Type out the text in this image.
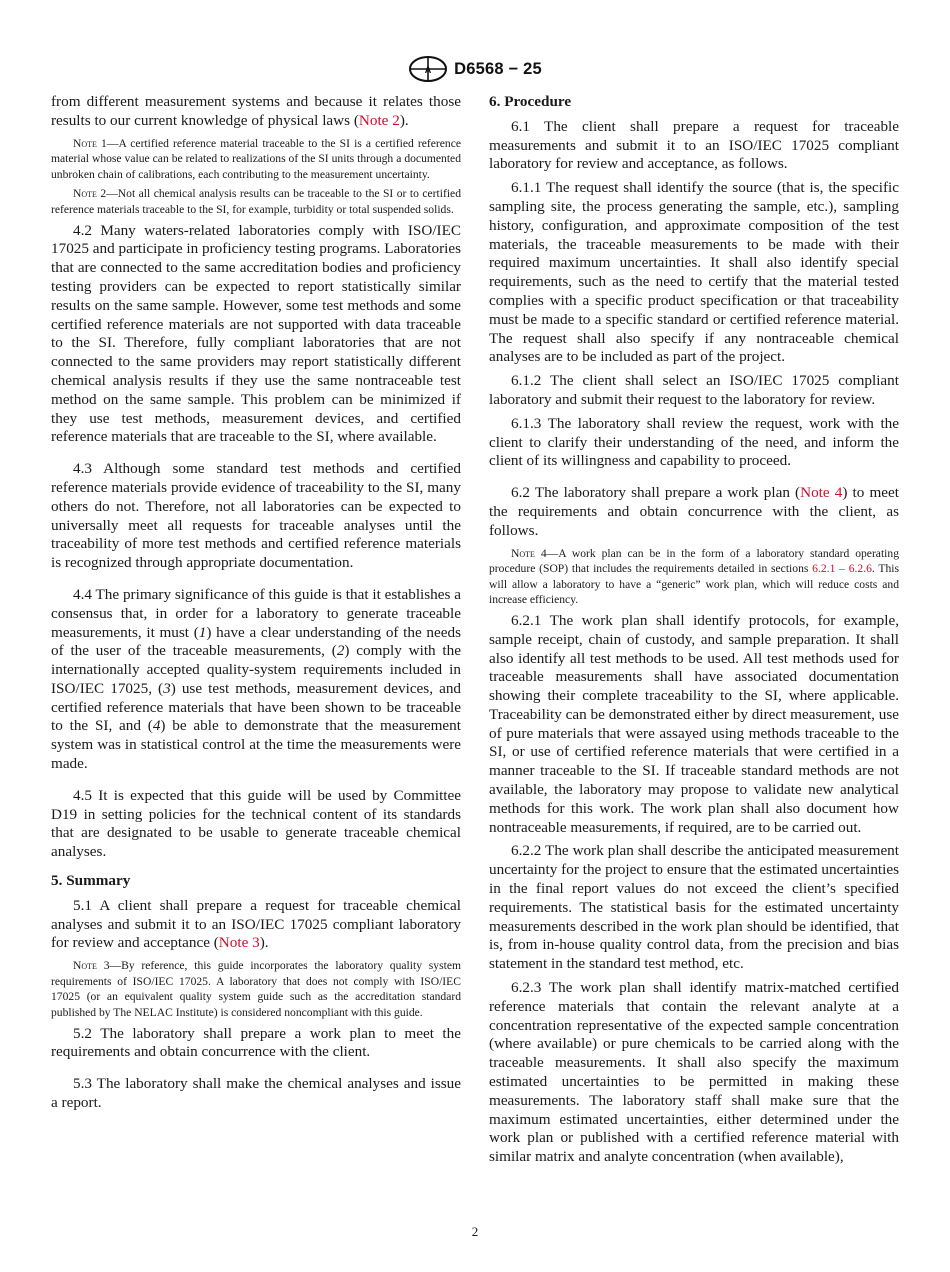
A D6568 − 25

from different measurement systems and because it relates those results to our current knowledge of physical laws (Note 2).

Note 1—A certified reference material traceable to the SI is a certified reference material whose value can be related to realizations of the SI units through a documented unbroken chain of calibrations, each contributing to the measurement uncertainty.

Note 2—Not all chemical analysis results can be traceable to the SI or to certified reference materials traceable to the SI, for example, turbidity or total suspended solids.

4.2 Many waters-related laboratories comply with ISO/IEC 17025 and participate in proficiency testing programs. Laboratories that are connected to the same accreditation bodies and proficiency testing providers can be expected to report statistically similar results on the same sample. However, some test methods and some certified reference materials are not supported with data traceable to the SI. Therefore, fully compliant laboratories that are not connected to the same providers may report statistically different chemical analysis results if they use the same nontraceable test method on the same sample. This problem can be minimized if they use test methods, measurement devices, and certified reference materials that are traceable to the SI, where available.

4.3 Although some standard test methods and certified reference materials provide evidence of traceability to the SI, many others do not. Therefore, not all laboratories can be expected to universally meet all requests for traceable analyses until the traceability of more test methods and certified reference materials is recognized through appropriate documentation.

4.4 The primary significance of this guide is that it establishes a consensus that, in order for a laboratory to generate traceable measurements, it must (1) have a clear understanding of the needs of the user of the traceable measurements, (2) comply with the internationally accepted quality-system requirements included in ISO/IEC 17025, (3) use test methods, measurement devices, and certified reference materials that have been shown to be traceable to the SI, and (4) be able to demonstrate that the measurement system was in statistical control at the time the measurements were made.

4.5 It is expected that this guide will be used by Committee D19 in setting policies for the technical content of its standards that are designated to be usable to generate traceable chemical analyses.

5. Summary

5.1 A client shall prepare a request for traceable chemical analyses and submit it to an ISO/IEC 17025 compliant laboratory for review and acceptance (Note 3).

Note 3—By reference, this guide incorporates the laboratory quality system requirements of ISO/IEC 17025. A laboratory that does not comply with ISO/IEC 17025 (or an equivalent quality system guide such as the accreditation standard published by The NELAC Institute) is considered noncompliant with this guide.

5.2 The laboratory shall prepare a work plan to meet the requirements and obtain concurrence with the client.

5.3 The laboratory shall make the chemical analyses and issue a report.

6. Procedure

6.1 The client shall prepare a request for traceable measurements and submit it to an ISO/IEC 17025 compliant laboratory for review and acceptance, as follows.

6.1.1 The request shall identify the source (that is, the specific sampling site, the process generating the sample, etc.), sampling history, configuration, and approximate composition of the test materials, the traceable measurements to be made with their required maximum uncertainties. It shall also identify special requirements, such as the need to certify that the material tested complies with a specific product specification or that traceability must be made to a specific standard or certified reference material. The request shall also specify if any nontraceable chemical analyses are to be included as part of the project.

6.1.2 The client shall select an ISO/IEC 17025 compliant laboratory and submit their request to the laboratory for review.

6.1.3 The laboratory shall review the request, work with the client to clarify their understanding of the need, and inform the client of its willingness and capability to proceed.

6.2 The laboratory shall prepare a work plan (Note 4) to meet the requirements and obtain concurrence with the client, as follows.

Note 4—A work plan can be in the form of a laboratory standard operating procedure (SOP) that includes the requirements detailed in sections 6.2.1 – 6.2.6. This will allow a laboratory to have a “generic” work plan, which will reduce costs and increase efficiency.

6.2.1 The work plan shall identify protocols, for example, sample receipt, chain of custody, and sample preparation. It shall also identify all test methods to be used. All test methods used for traceable measurements shall have associated documentation showing their complete traceability to the SI, where applicable. Traceability can be demonstrated either by direct measurement, use of pure materials that were assayed using methods traceable to the SI, or use of certified reference materials that were certified in a manner traceable to the SI. If traceable standard methods are not available, the laboratory may propose to validate new analytical methods for this work. The work plan shall also document how nontraceable measurements, if required, are to be carried out.

6.2.2 The work plan shall describe the anticipated measurement uncertainty for the project to ensure that the estimated uncertainties in the final report values do not exceed the client’s specified requirements. The statistical basis for the estimated uncertainty measurements described in the work plan should be identified, that is, from in-house quality control data, from the precision and bias statement in the standard test method, etc.

6.2.3 The work plan shall identify matrix-matched certified reference materials that contain the relevant analyte at a concentration representative of the expected sample concentration (where available) or pure chemicals to be carried along with the traceable measurements. It shall also specify the maximum estimated uncertainties to be permitted in making these measurements. The laboratory staff shall make sure that the maximum estimated uncertainties, either determined under the work plan or published with a certified reference material with similar matrix and analyte concentration (when available),

2
